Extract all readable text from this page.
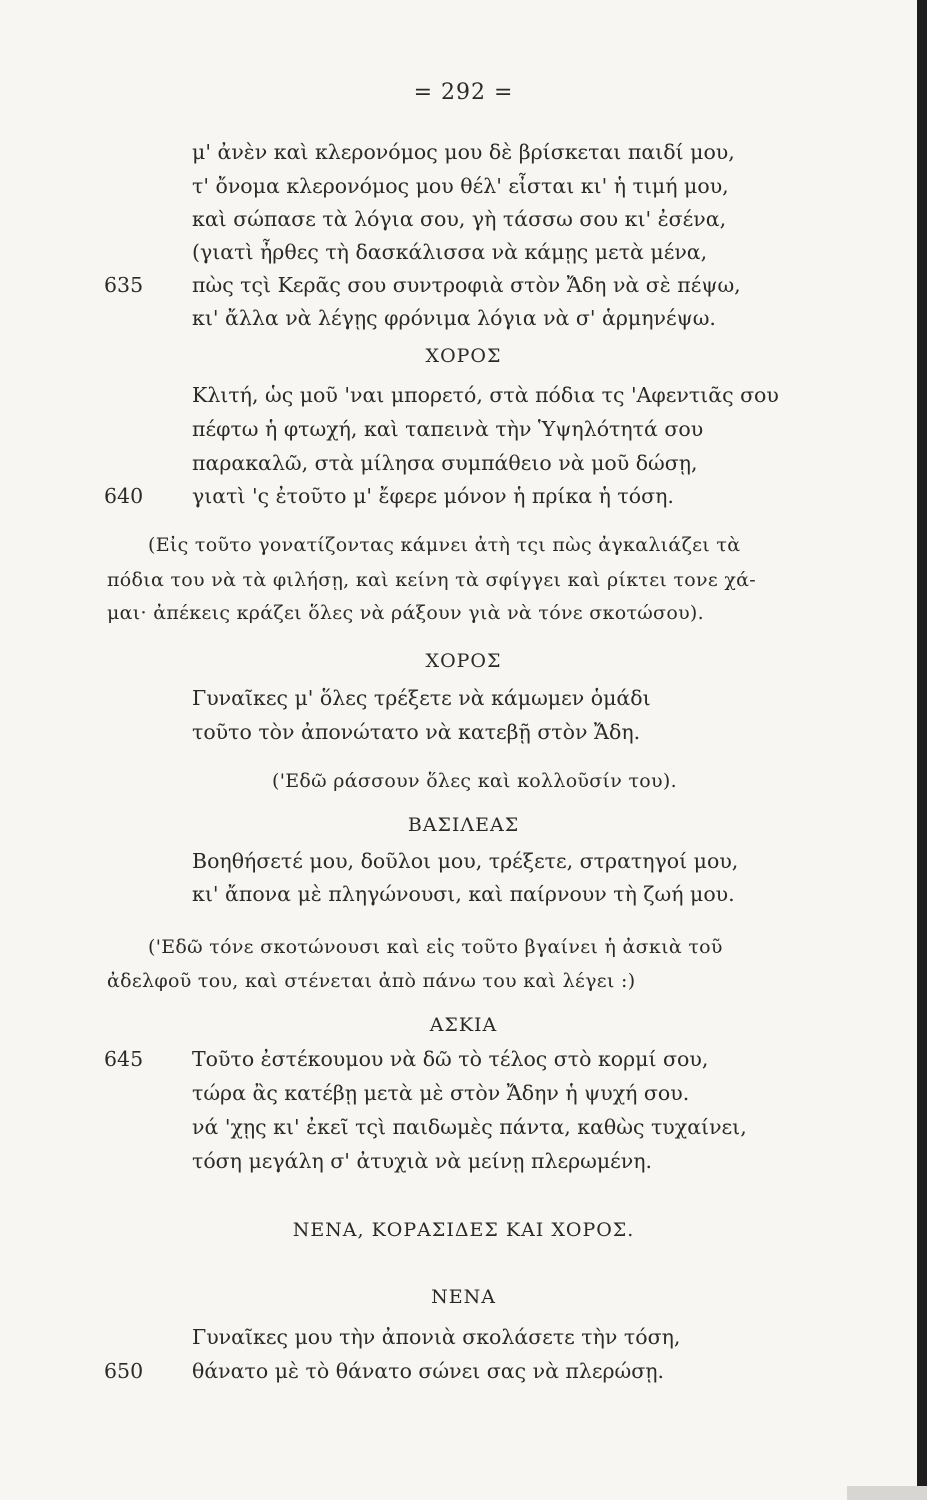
= 292 =
μ' ἀνὲν καὶ κλερονόμος μου δὲ βρίσκεται παιδί μου,
τ' ὄνομα κλερονόμος μου θέλ' εἶσται κι' ἡ τιμή μου,
καὶ σώπασε τὰ λόγια σου, γὴ τάσσω σου κι' ἐσένα,
(γιατὶ ἦρθες τὴ δασκάλισσα νὰ κάμῃς μετὰ μένα,
635 πὼς τςὶ Κερᾶς σου συντροφιὰ στὸν Ἄδη νὰ σὲ πέψω,
κι' ἄλλα νὰ λέγῃς φρόνιμα λόγια νὰ σ' ἁρμηνέψω.
ΧΟΡΟΣ
Κλιτή, ὡς μοῦ 'ναι μπορετό, στὰ πόδια τς 'Αφεντιᾶς σου
πέφτω ἡ φτωχή, καὶ ταπεινὰ τὴν Ὑψηλότητά σου
παρακαλῶ, στὰ μίλησα συμπάθειο νὰ μοῦ δώσῃ,
640 γιατὶ 'ς ἐτοῦτο μ' ἔφερε μόνον ἡ πρίκα ἡ τόση.
(Εἰς τοῦτο γονατίζοντας κάμνει ἀτὴ τςι πὼς ἀγκαλιάζει τὰ
πόδια του νὰ τὰ φιλήσῃ, καὶ κείνη τὰ σφίγγει καὶ ρίκτει τονε χά-
μαι· ἀπέκεις κράζει ὅλες νὰ ράξουν γιὰ νὰ τόνε σκοτώσου).
ΧΟΡΟΣ
Γυναῖκες μ' ὅλες τρέξετε νὰ κάμωμεν ὁμάδι
τοῦτο τὸν ἀπονώτατο νὰ κατεβῇ στὸν Ἄδη.
('Εδῶ ράσσουν ὅλες καὶ κολλοῦσίν του).
ΒΑΣΙΛΕΑΣ
Βοηθήσετέ μου, δοῦλοι μου, τρέξετε, στρατηγοί μου,
κι' ἄπονα μὲ πληγώνουσι, καὶ παίρνουν τὴ ζωή μου.
('Εδῶ τόνε σκοτώνουσι καὶ εἰς τοῦτο βγαίνει ἡ ἀσκιὰ τοῦ
ἀδελφοῦ του, καὶ στένεται ἀπὸ πάνω του καὶ λέγει :)
ΑΣΚΙΑ
645 Τοῦτο ἐστέκουμου νὰ δῶ τὸ τέλος στὸ κορμί σου,
τώρα ἂς κατέβῃ μετὰ μὲ στὸν Ἄδην ἡ ψυχή σου.
νά 'χῃς κι' ἐκεῖ τςὶ παιδωμὲς πάντα, καθὼς τυχαίνει,
τόση μεγάλη σ' ἀτυχιὰ νὰ μείνῃ πλερωμένη.
ΝΕΝΑ, ΚΟΡΑΣΙΔΕΣ ΚΑΙ ΧΟΡΟΣ.
ΝΕΝΑ
Γυναῖκες μου τὴν ἀπονιὰ σκολάσετε τὴν τόση,
650 θάνατο μὲ τὸ θάνατο σώνει σας νὰ πλερώσῃ.
